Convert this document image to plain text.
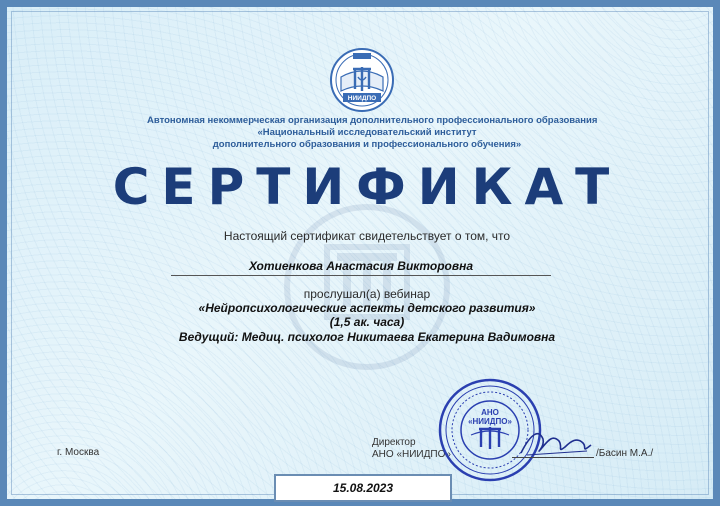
НИИДПО
Автономная некоммерческая организация дополнительного профессионального образования
«Национальный исследовательский институт
дополнительного образования и профессионального обучения»
СЕРТИФИКАТ
Настоящий сертификат свидетельствует о том, что
Хотиенкова Анастасия Викторовна
прослушал(а) вебинар
«Нейропсихологические аспекты детского развития»
(1,5 ак. часа)
Ведущий: Медиц. психолог Никитаева Екатерина Вадимовна
г. Москва
Директор
АНО «НИИДПО»
АНО
«НИИДПО»
/Басин М.А./
15.08.2023
